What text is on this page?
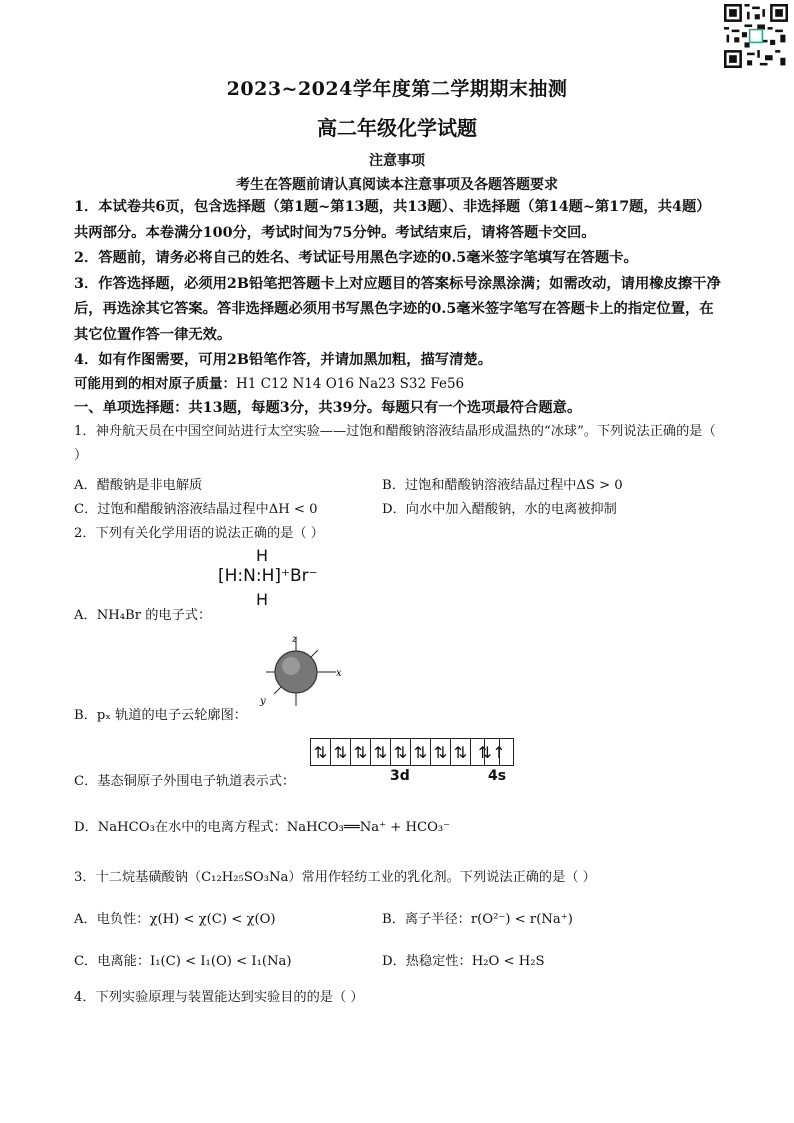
2023~2024学年度第二学期期末抽测
高二年级化学试题
注意事项
考生在答题前请认真阅读本注意事项及各题答题要求
1．本试卷共6页，包含选择题（第1题~第13题，共13题）、非选择题（第14题~第17题，共4题）共两部分。本卷满分100分，考试时间为75分钟。考试结束后，请将答题卡交回。
2．答题前，请务必将自己的姓名、考试证号用黑色字迹的0.5毫米签字笔填写在答题卡。
3．作答选择题，必须用2B铅笔把答题卡上对应题目的答案标号涂黑涂满；如需改动，请用橡皮擦干净后，再选涂其它答案。答非选择题必须用书写黑色字迹的0.5毫米签字笔写在答题卡上的指定位置，在其它位置作答一律无效。
4．如有作图需要，可用2B铅笔作答，并请加黑加粗，描写清楚。
可能用到的相对原子质量：H1 C12 N14 O16 Na23 S32 Fe56
一、单项选择题：共13题，每题3分，共39分。每题只有一个选项最符合题意。
1．神舟航天员在中国空间站进行太空实验——过饱和醋酸钠溶液结晶形成温热的“冰球”。下列说法正确的是（ ）
A．醋酸钠是非电解质	B．过饱和醋酸钠溶液结晶过程中ΔS > 0
C．过饱和醋酸钠溶液结晶过程中ΔH < 0	D．向水中加入醋酸钠，水的电离被抑制
2．下列有关化学用语的说法正确的是（ ）
H
[H:N:H]⁺Br⁻
H
A．NH₄Br 的电子式：
z
x
y
B．pₓ 轨道的电子云轮廓图：
⇅ ⇅ ⇅ ⇅ ⇅ ⇅ ⇅ ⇅ ⇅
3d
↑
4s
C．基态铜原子外围电子轨道表示式：
D．NaHCO₃在水中的电离方程式：NaHCO₃══Na⁺ + HCO₃⁻
3．十二烷基磺酸钠（C₁₂H₂₅SO₃Na）常用作轻纺工业的乳化剂。下列说法正确的是（ ）
A．电负性：χ(H) < χ(C) < χ(O)	B．离子半径：r(O²⁻) < r(Na⁺)
C．电离能：I₁(C) < I₁(O) < I₁(Na)	D．热稳定性：H₂O < H₂S
4．下列实验原理与装置能达到实验目的的是（ ）
